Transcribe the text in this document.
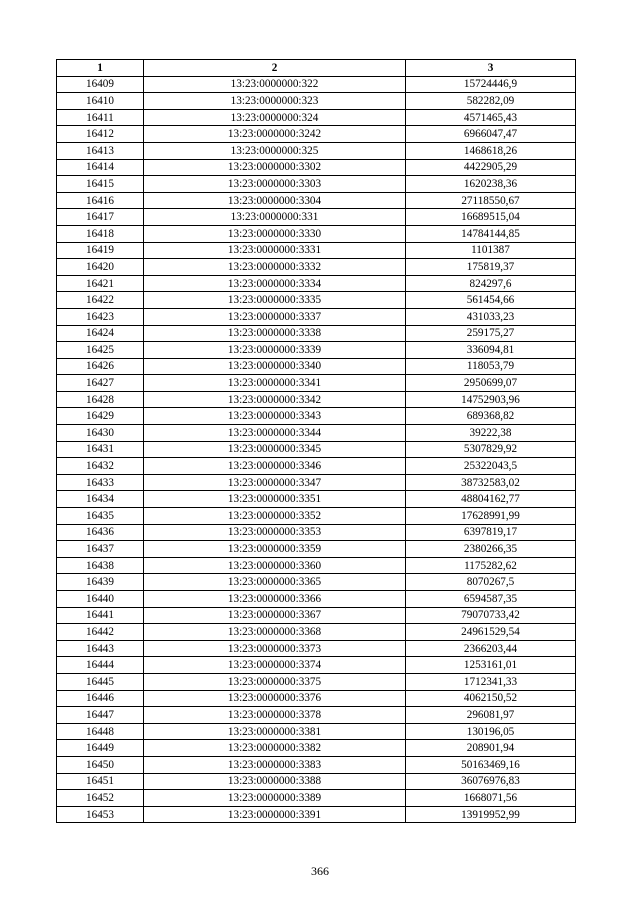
1	2	3
16409	13:23:0000000:322	15724446,9
16410	13:23:0000000:323	582282,09
16411	13:23:0000000:324	4571465,43
16412	13:23:0000000:3242	6966047,47
16413	13:23:0000000:325	1468618,26
16414	13:23:0000000:3302	4422905,29
16415	13:23:0000000:3303	1620238,36
16416	13:23:0000000:3304	27118550,67
16417	13:23:0000000:331	16689515,04
16418	13:23:0000000:3330	14784144,85
16419	13:23:0000000:3331	1101387
16420	13:23:0000000:3332	175819,37
16421	13:23:0000000:3334	824297,6
16422	13:23:0000000:3335	561454,66
16423	13:23:0000000:3337	431033,23
16424	13:23:0000000:3338	259175,27
16425	13:23:0000000:3339	336094,81
16426	13:23:0000000:3340	118053,79
16427	13:23:0000000:3341	2950699,07
16428	13:23:0000000:3342	14752903,96
16429	13:23:0000000:3343	689368,82
16430	13:23:0000000:3344	39222,38
16431	13:23:0000000:3345	5307829,92
16432	13:23:0000000:3346	25322043,5
16433	13:23:0000000:3347	38732583,02
16434	13:23:0000000:3351	48804162,77
16435	13:23:0000000:3352	17628991,99
16436	13:23:0000000:3353	6397819,17
16437	13:23:0000000:3359	2380266,35
16438	13:23:0000000:3360	1175282,62
16439	13:23:0000000:3365	8070267,5
16440	13:23:0000000:3366	6594587,35
16441	13:23:0000000:3367	79070733,42
16442	13:23:0000000:3368	24961529,54
16443	13:23:0000000:3373	2366203,44
16444	13:23:0000000:3374	1253161,01
16445	13:23:0000000:3375	1712341,33
16446	13:23:0000000:3376	4062150,52
16447	13:23:0000000:3378	296081,97
16448	13:23:0000000:3381	130196,05
16449	13:23:0000000:3382	208901,94
16450	13:23:0000000:3383	50163469,16
16451	13:23:0000000:3388	36076976,83
16452	13:23:0000000:3389	1668071,56
16453	13:23:0000000:3391	13919952,99
366
